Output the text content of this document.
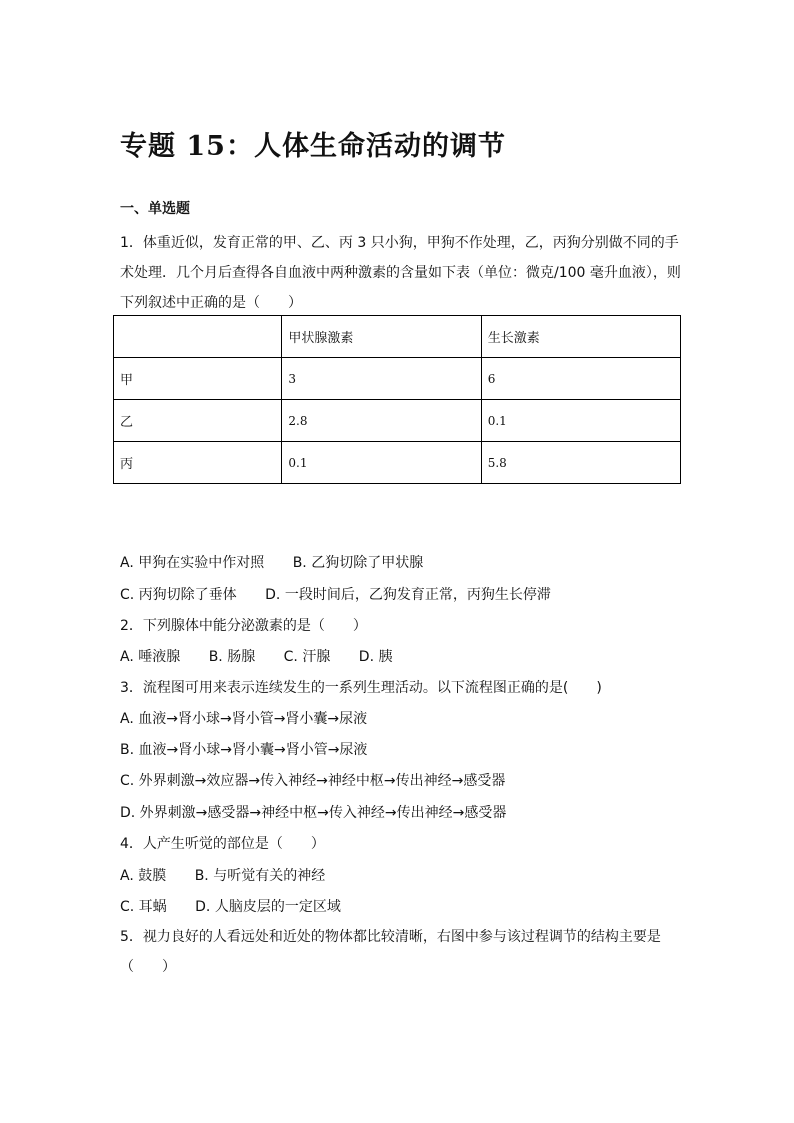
专题 15：人体生命活动的调节
一、单选题
1．体重近似，发育正常的甲、乙、丙 3 只小狗，甲狗不作处理，乙，丙狗分别做不同的手术处理．几个月后查得各自血液中两种激素的含量如下表（单位：微克/100 毫升血液），则下列叙述中正确的是（　　）
	甲状腺激素	生长激素
甲	3	6
乙	2.8	0.1
丙	0.1	5.8
A. 甲狗在实验中作对照 B. 乙狗切除了甲状腺
C. 丙狗切除了垂体 D. 一段时间后，乙狗发育正常，丙狗生长停滞
2．下列腺体中能分泌激素的是（　　）
A. 唾液腺 B. 肠腺 C. 汗腺 D. 胰
3．流程图可用来表示连续发生的一系列生理活动。以下流程图正确的是(　　)
A. 血液→肾小球→肾小管→肾小囊→尿液
B. 血液→肾小球→肾小囊→肾小管→尿液
C. 外界刺激→效应器→传入神经→神经中枢→传出神经→感受器
D. 外界刺激→感受器→神经中枢→传入神经→传出神经→感受器
4．人产生听觉的部位是（　　）
A. 鼓膜 B. 与听觉有关的神经
C. 耳蜗 D. 人脑皮层的一定区域
5．视力良好的人看远处和近处的物体都比较清晰，右图中参与该过程调节的结构主要是（　　）
